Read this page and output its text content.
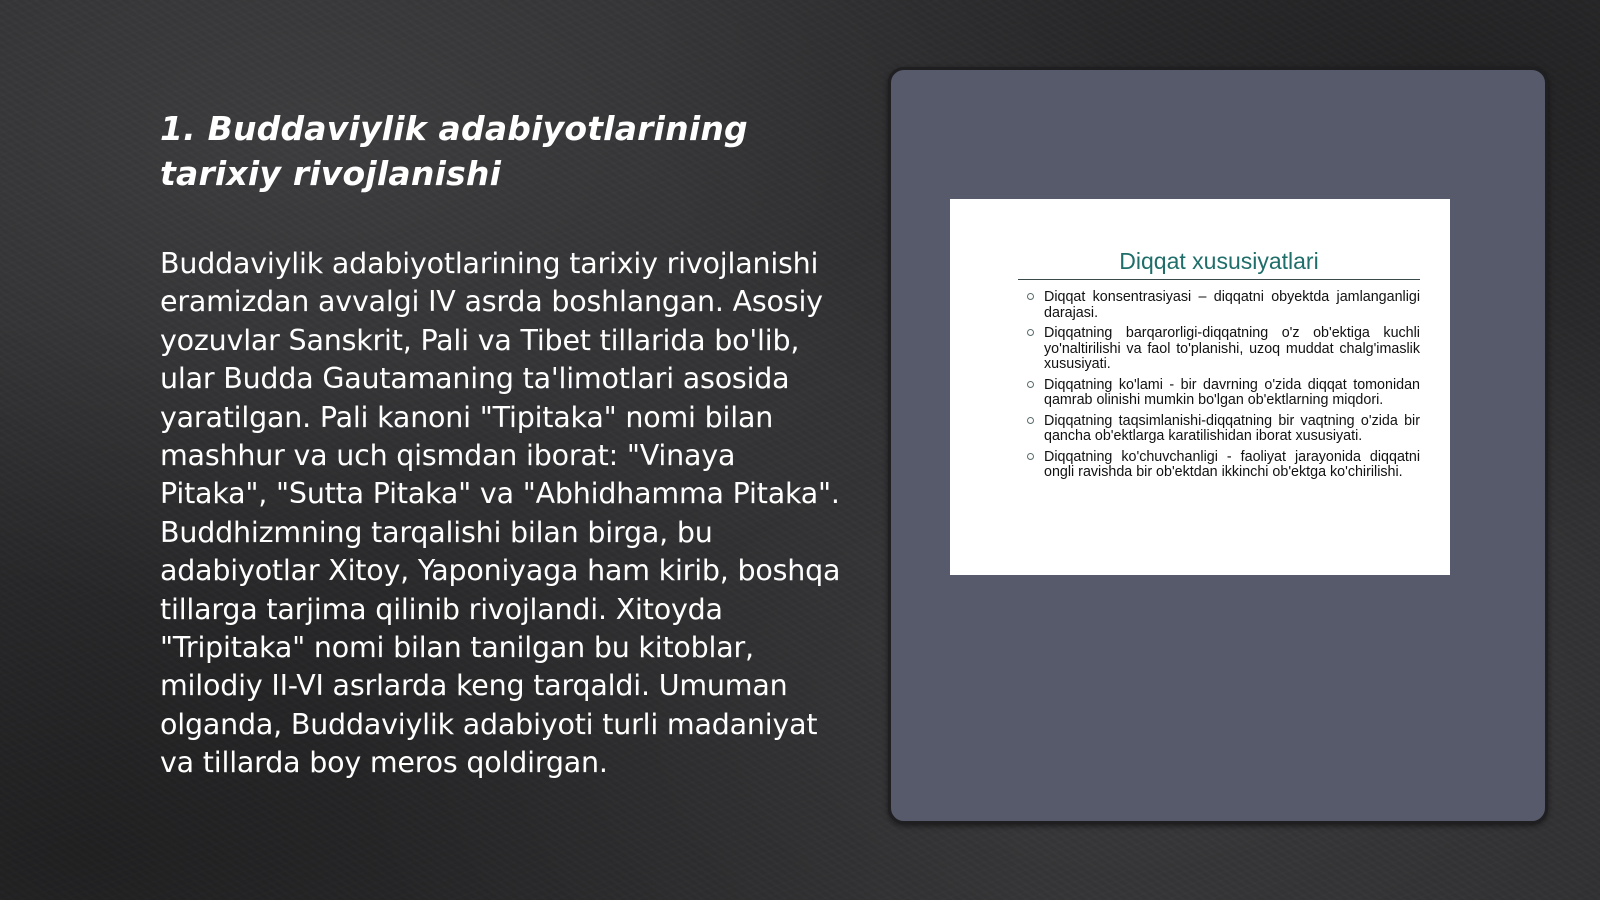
1. Buddaviylik adabiyotlarining tarixiy rivojlanishi

Buddaviylik adabiyotlarining tarixiy rivojlanishi eramizdan avvalgi IV asrda boshlangan. Asosiy yozuvlar Sanskrit, Pali va Tibet tillarida bo'lib, ular Budda Gautamaning ta'limotlari asosida yaratilgan. Pali kanoni "Tipitaka" nomi bilan mashhur va uch qismdan iborat: "Vinaya Pitaka", "Sutta Pitaka" va "Abhidhamma Pitaka". Buddhizmning tarqalishi bilan birga, bu adabiyotlar Xitoy, Yaponiyaga ham kirib, boshqa tillarga tarjima qilinib rivojlandi. Xitoyda "Tripitaka" nomi bilan tanilgan bu kitoblar, milodiy II-VI asrlarda keng tarqaldi. Umuman olganda, Buddaviylik adabiyoti turli madaniyat va tillarda boy meros qoldirgan.

Diqqat xususiyatlari
Diqqat konsentrasiyasi – diqqatni obyektda jamlanganligi darajasi.
Diqqatning barqarorligi-diqqatning o'z ob'ektiga kuchli yo'naltirilishi va faol to'planishi, uzoq muddat chalg'imaslik xususiyati.
Diqqatning ko'lami - bir davrning o'zida diqqat tomonidan qamrab olinishi mumkin bo'lgan ob'ektlarning miqdori.
Diqqatning taqsimlanishi-diqqatning bir vaqtning o'zida bir qancha ob'ektlarga karatilishidan iborat xususiyati.
Diqqatning ko'chuvchanligi - faoliyat jarayonida diqqatni ongli ravishda bir ob'ektdan ikkinchi ob'ektga ko'chirilishi.
